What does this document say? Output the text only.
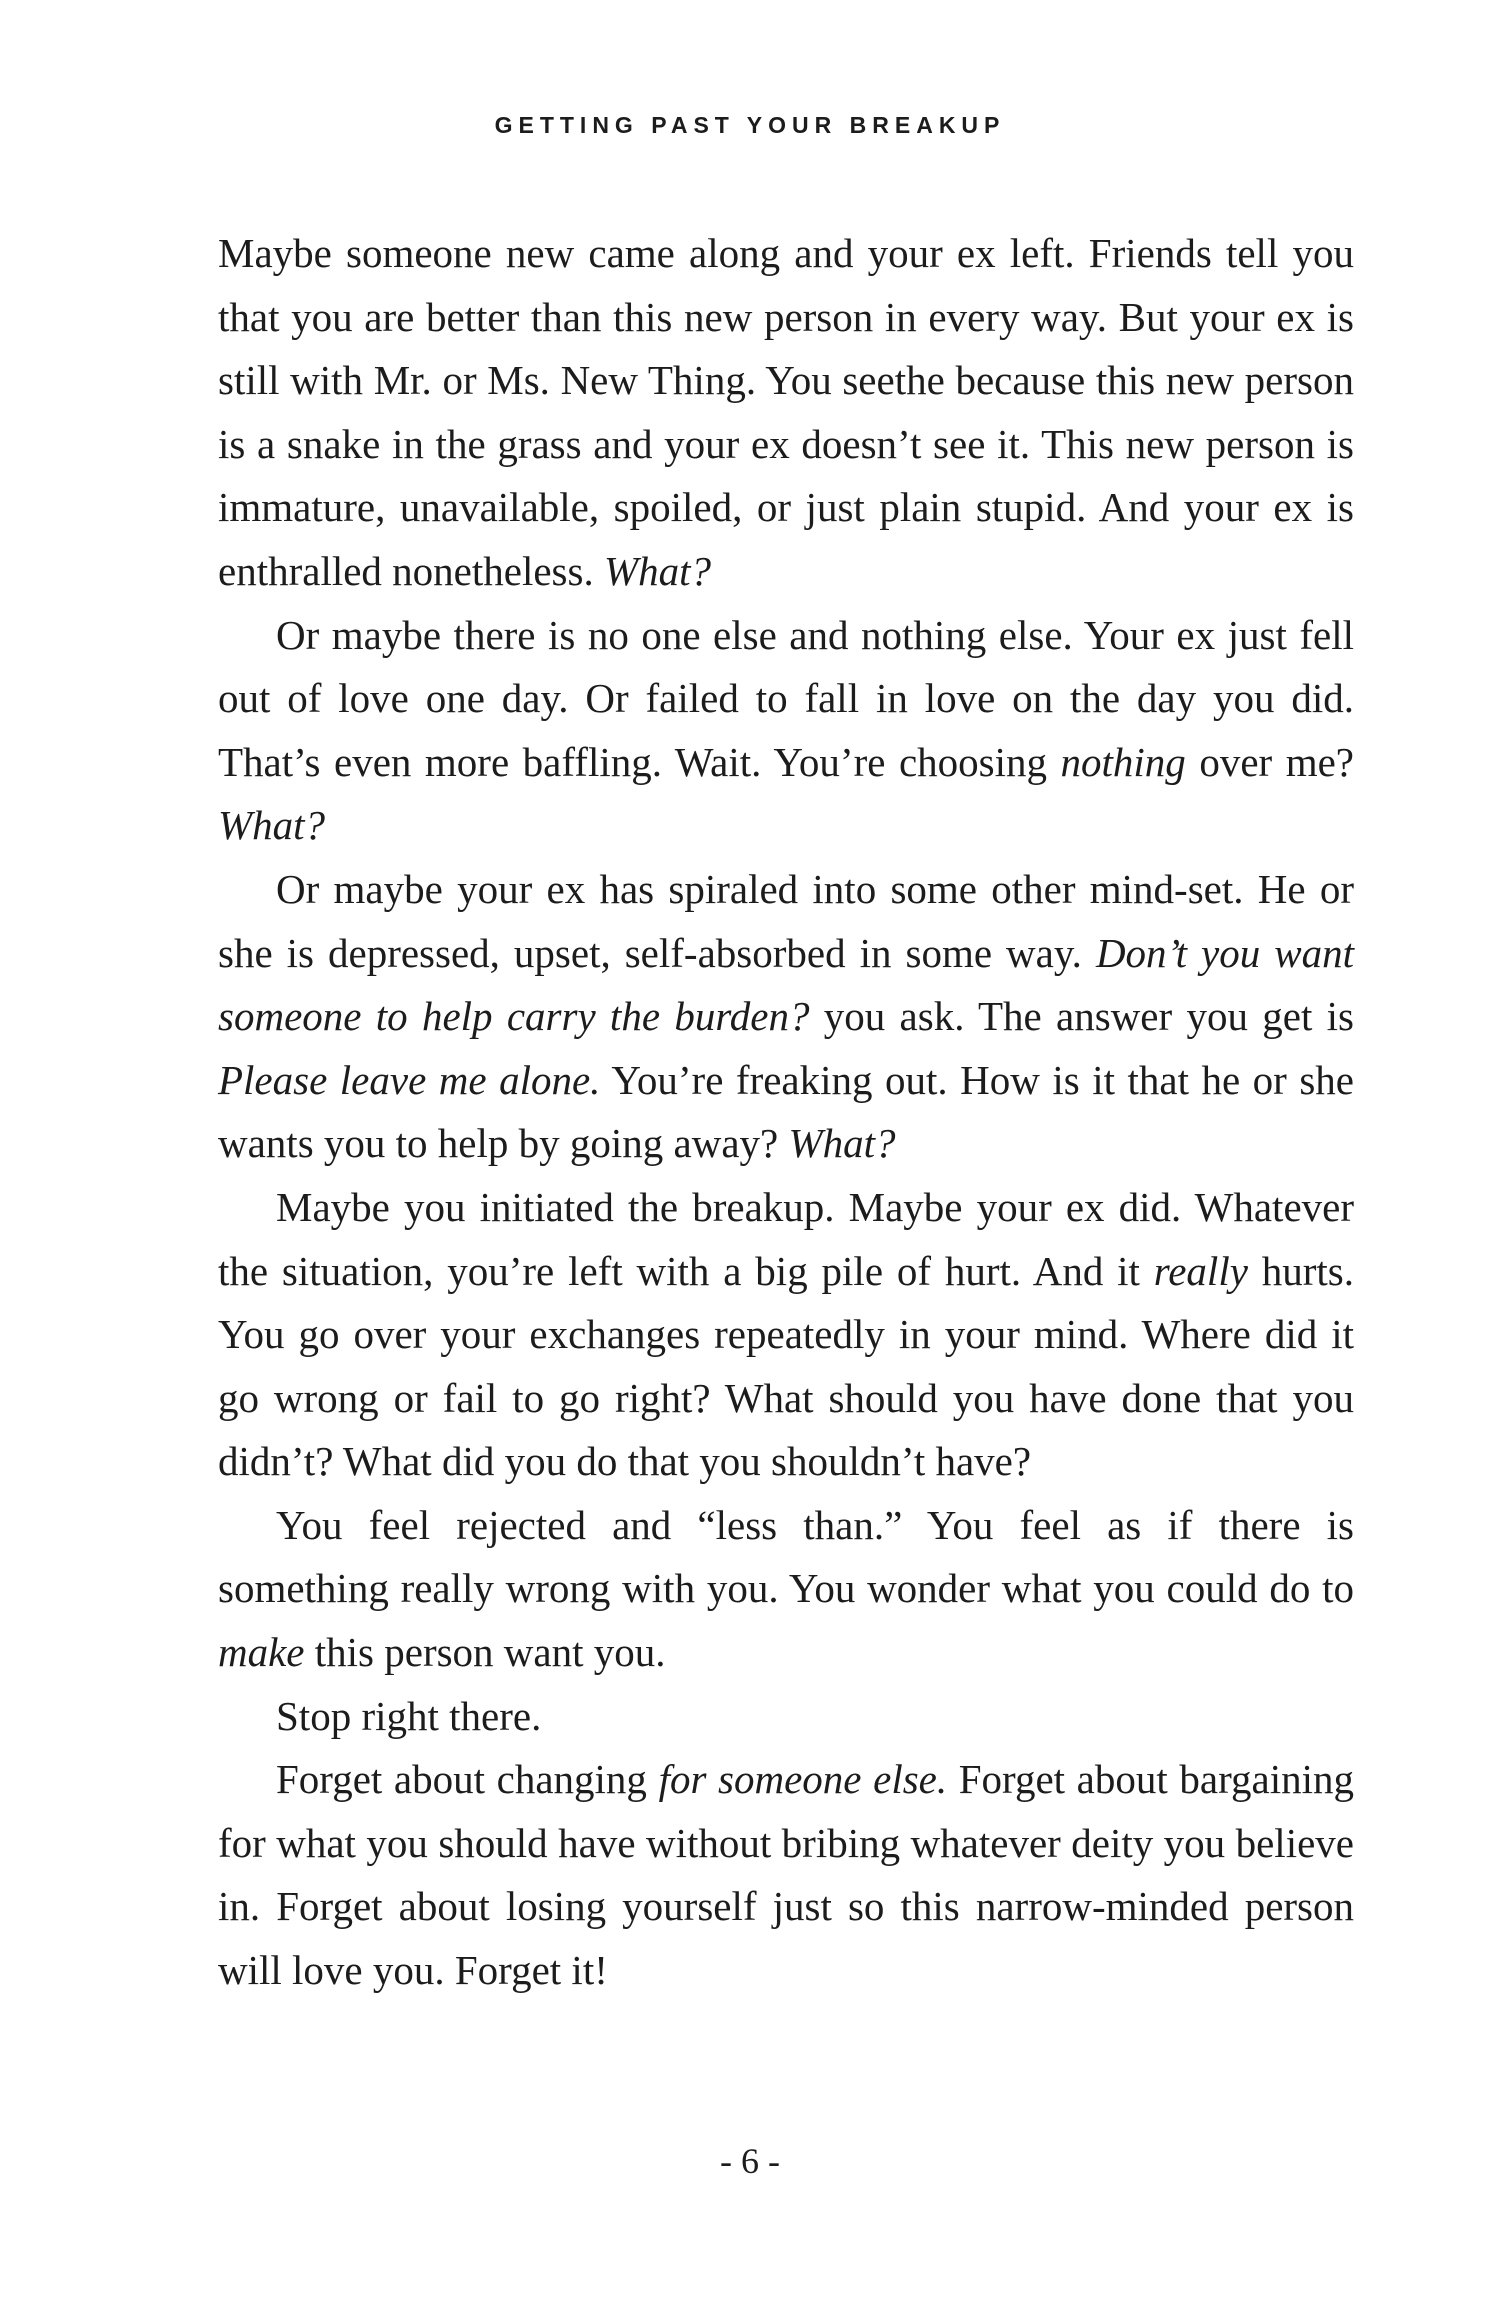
GETTING PAST YOUR BREAKUP

Maybe someone new came along and your ex left. Friends tell you that you are better than this new person in every way. But your ex is still with Mr. or Ms. New Thing. You seethe because this new person is a snake in the grass and your ex doesn’t see it. This new person is immature, unavailable, spoiled, or just plain stupid. And your ex is enthralled nonetheless. What?

Or maybe there is no one else and nothing else. Your ex just fell out of love one day. Or failed to fall in love on the day you did. That’s even more baffling. Wait. You’re choosing nothing over me? What?

Or maybe your ex has spiraled into some other mind-set. He or she is depressed, upset, self-absorbed in some way. Don’t you want someone to help carry the burden? you ask. The answer you get is Please leave me alone. You’re freaking out. How is it that he or she wants you to help by going away? What?

Maybe you initiated the breakup. Maybe your ex did. Whatever the situation, you’re left with a big pile of hurt. And it really hurts. You go over your exchanges repeatedly in your mind. Where did it go wrong or fail to go right? What should you have done that you didn’t? What did you do that you shouldn’t have?

You feel rejected and “less than.” You feel as if there is something really wrong with you. You wonder what you could do to make this person want you.

Stop right there.

Forget about changing for someone else. Forget about bargaining for what you should have without bribing whatever deity you believe in. Forget about losing yourself just so this narrow-minded person will love you. Forget it!

- 6 -
